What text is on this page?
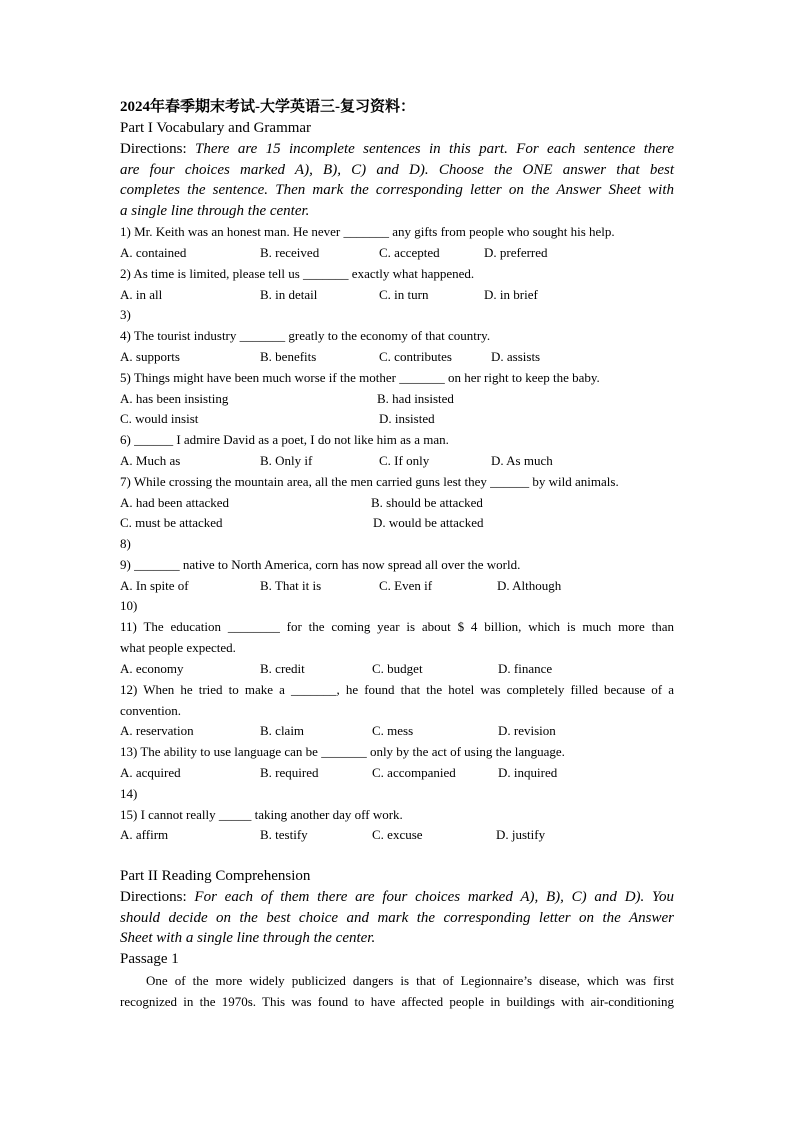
2024年春季期末考试-大学英语三-复习资料：
Part I Vocabulary and Grammar
Directions: There are 15 incomplete sentences in this part. For each sentence there
are four choices marked A), B), C) and D). Choose the ONE answer that best
completes the sentence. Then mark the corresponding letter on the Answer Sheet with
a single line through the center.
1) Mr. Keith was an honest man. He never _______ any gifts from people who sought his help.
A. contained	B. received	C. accepted	D. preferred
2) As time is limited, please tell us _______ exactly what happened.
A. in all	B. in detail	C. in turn	D. in brief
3)
4) The tourist industry _______ greatly to the economy of that country.
A. supports	B. benefits	C. contributes	D. assists
5) Things might have been much worse if the mother _______ on her right to keep the baby.
A. has been insisting	B. had insisted
C. would insist	D. insisted
6) ______ I admire David as a poet, I do not like him as a man.
A. Much as	B. Only if	C. If only	D. As much
7) While crossing the mountain area, all the men carried guns lest they ______ by wild animals.
A. had been attacked	B. should be attacked
C. must be attacked	D. would be attacked
8)
9) _______ native to North America, corn has now spread all over the world.
A. In spite of	B. That it is	C. Even if	D. Although
10)
11) The education ________ for the coming year is about $ 4 billion, which is much more than
what people expected.
A. economy	B. credit	C. budget	D. finance
12) When he tried to make a _______, he found that the hotel was completely filled because of a
convention.
A. reservation	B. claim	C. mess	D. revision
13) The ability to use language can be _______ only by the act of using the language.
A. acquired	B. required	C. accompanied	D. inquired
14)
15) I cannot really _____ taking another day off work.
A. affirm	B. testify	C. excuse	D. justify
Part II Reading Comprehension
Directions: For each of them there are four choices marked A), B), C) and D). You
should decide on the best choice and mark the corresponding letter on the Answer
Sheet with a single line through the center.
Passage 1
One of the more widely publicized dangers is that of Legionnaire’s disease, which was first
recognized in the 1970s. This was found to have affected people in buildings with air-conditioning
